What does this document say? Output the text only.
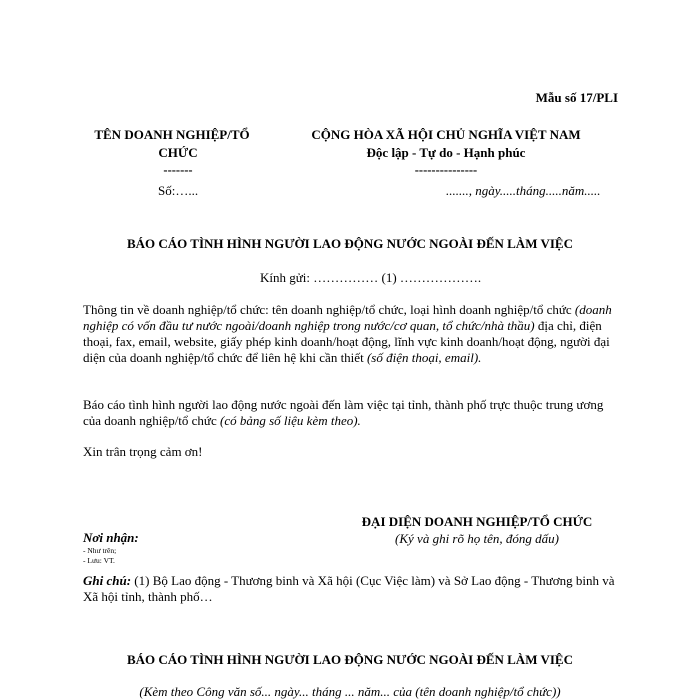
Mẫu số 17/PLI
TÊN DOANH NGHIỆP/TỔ
CHỨC
-------
Số:…...
CỘNG HÒA XÃ HỘI CHỦ NGHĨA VIỆT NAM
Độc lập - Tự do - Hạnh phúc
---------------
......., ngày.....tháng.....năm.....
BÁO CÁO TÌNH HÌNH NGƯỜI LAO ĐỘNG NƯỚC NGOÀI ĐẾN LÀM VIỆC
Kính gửi: …………… (1) ……………….
Thông tin về doanh nghiệp/tổ chức: tên doanh nghiệp/tổ chức, loại hình doanh nghiệp/tổ chức (doanh nghiệp có vốn đầu tư nước ngoài/doanh nghiệp trong nước/cơ quan, tổ chức/nhà thầu) địa chỉ, điện thoại, fax, email, website, giấy phép kinh doanh/hoạt động, lĩnh vực kinh doanh/hoạt động, người đại diện của doanh nghiệp/tổ chức để liên hệ khi cần thiết (số điện thoại, email).
Báo cáo tình hình người lao động nước ngoài đến làm việc tại tỉnh, thành phố trực thuộc trung ương của doanh nghiệp/tổ chức (có bảng số liệu kèm theo).
Xin trân trọng cảm ơn!
ĐẠI DIỆN DOANH NGHIỆP/TỔ CHỨC
(Ký và ghi rõ họ tên, đóng dấu)
Nơi nhận:
- Như trên;
- Lưu: VT.
Ghi chú: (1) Bộ Lao động - Thương binh và Xã hội (Cục Việc làm) và Sở Lao động - Thương binh và Xã hội tỉnh, thành phố…
BÁO CÁO TÌNH HÌNH NGƯỜI LAO ĐỘNG NƯỚC NGOÀI ĐẾN LÀM VIỆC
(Kèm theo Công văn số... ngày... tháng ... năm... của (tên doanh nghiệp/tổ chức))
